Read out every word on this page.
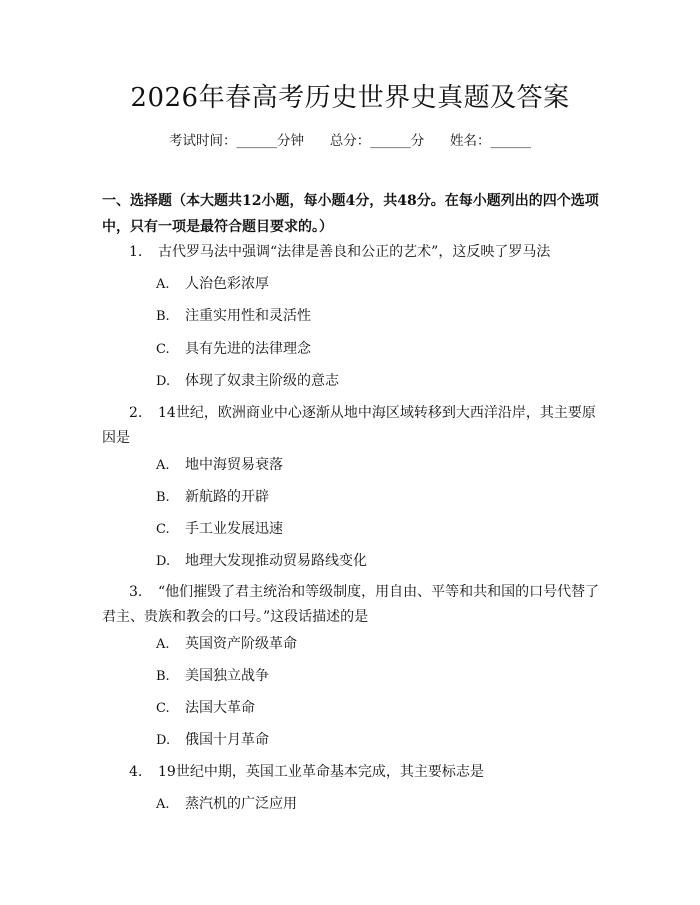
2026年春高考历史世界史真题及答案
考试时间：______分钟      总分：______分      姓名：______
一、选择题（本大题共12小题，每小题4分，共48分。在每小题列出的四个选项中，只有一项是最符合题目要求的。）
1. 古代罗马法中强调“法律是善良和公正的艺术”，这反映了罗马法
A. 人治色彩浓厚
B. 注重实用性和灵活性
C. 具有先进的法律理念
D. 体现了奴隶主阶级的意志
2. 14世纪，欧洲商业中心逐渐从地中海区域转移到大西洋沿岸，其主要原因是
A. 地中海贸易衰落
B. 新航路的开辟
C. 手工业发展迅速
D. 地理大发现推动贸易路线变化
3. “他们摧毁了君主统治和等级制度，用自由、平等和共和国的口号代替了君主、贵族和教会的口号。”这段话描述的是
A. 英国资产阶级革命
B. 美国独立战争
C. 法国大革命
D. 俄国十月革命
4. 19世纪中期，英国工业革命基本完成，其主要标志是
A. 蒸汽机的广泛应用
